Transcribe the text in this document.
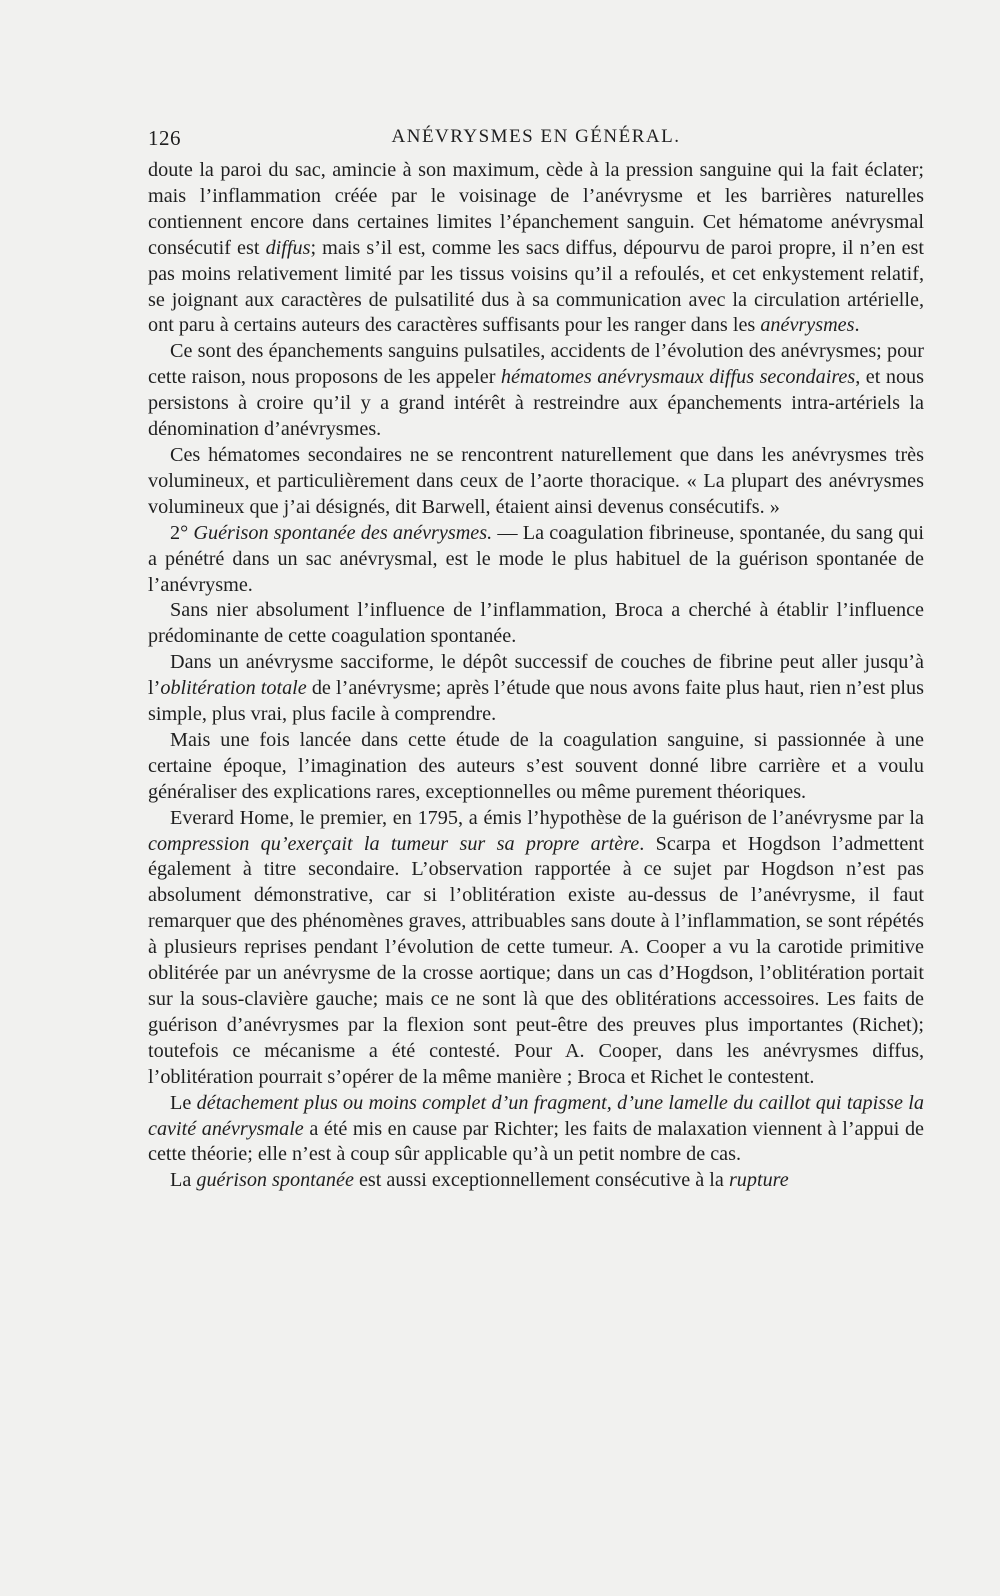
126	ANÉVRYSMES EN GÉNÉRAL.

doute la paroi du sac, amincie à son maximum, cède à la pression sanguine qui la fait éclater; mais l’inflammation créée par le voisinage de l’anévrysme et les barrières naturelles contiennent encore dans certaines limites l’épanchement sanguin. Cet hématome anévrysmal consécutif est diffus; mais s’il est, comme les sacs diffus, dépourvu de paroi propre, il n’en est pas moins relativement limité par les tissus voisins qu’il a refoulés, et cet enkystement relatif, se joignant aux caractères de pulsatilité dus à sa communication avec la circulation artérielle, ont paru à certains auteurs des caractères suffisants pour les ranger dans les anévrysmes.

Ce sont des épanchements sanguins pulsatiles, accidents de l’évolution des anévrysmes; pour cette raison, nous proposons de les appeler hématomes anévrysmaux diffus secondaires, et nous persistons à croire qu’il y a grand intérêt à restreindre aux épanchements intra-artériels la dénomination d’anévrysmes.

Ces hématomes secondaires ne se rencontrent naturellement que dans les anévrysmes très volumineux, et particulièrement dans ceux de l’aorte thoracique. « La plupart des anévrysmes volumineux que j’ai désignés, dit Barwell, étaient ainsi devenus consécutifs. »

2° Guérison spontanée des anévrysmes. — La coagulation fibrineuse, spontanée, du sang qui a pénétré dans un sac anévrysmal, est le mode le plus habituel de la guérison spontanée de l’anévrysme.

Sans nier absolument l’influence de l’inflammation, Broca a cherché à établir l’influence prédominante de cette coagulation spontanée.

Dans un anévrysme sacciforme, le dépôt successif de couches de fibrine peut aller jusqu’à l’oblitération totale de l’anévrysme; après l’étude que nous avons faite plus haut, rien n’est plus simple, plus vrai, plus facile à comprendre.

Mais une fois lancée dans cette étude de la coagulation sanguine, si passionnée à une certaine époque, l’imagination des auteurs s’est souvent donné libre carrière et a voulu généraliser des explications rares, exceptionnelles ou même purement théoriques.

Everard Home, le premier, en 1795, a émis l’hypothèse de la guérison de l’anévrysme par la compression qu’exerçait la tumeur sur sa propre artère. Scarpa et Hogdson l’admettent également à titre secondaire. L’observation rapportée à ce sujet par Hogdson n’est pas absolument démonstrative, car si l’oblitération existe au-dessus de l’anévrysme, il faut remarquer que des phénomènes graves, attribuables sans doute à l’inflammation, se sont répétés à plusieurs reprises pendant l’évolution de cette tumeur. A. Cooper a vu la carotide primitive oblitérée par un anévrysme de la crosse aortique; dans un cas d’Hogdson, l’oblitération portait sur la sous-clavière gauche; mais ce ne sont là que des oblitérations accessoires. Les faits de guérison d’anévrysmes par la flexion sont peut-être des preuves plus importantes (Richet); toutefois ce mécanisme a été contesté. Pour A. Cooper, dans les anévrysmes diffus, l’oblitération pourrait s’opérer de la même manière ; Broca et Richet le contestent.

Le détachement plus ou moins complet d’un fragment, d’une lamelle du caillot qui tapisse la cavité anévrysmale a été mis en cause par Richter; les faits de malaxation viennent à l’appui de cette théorie; elle n’est à coup sûr applicable qu’à un petit nombre de cas.

La guérison spontanée est aussi exceptionnellement consécutive à la rupture
